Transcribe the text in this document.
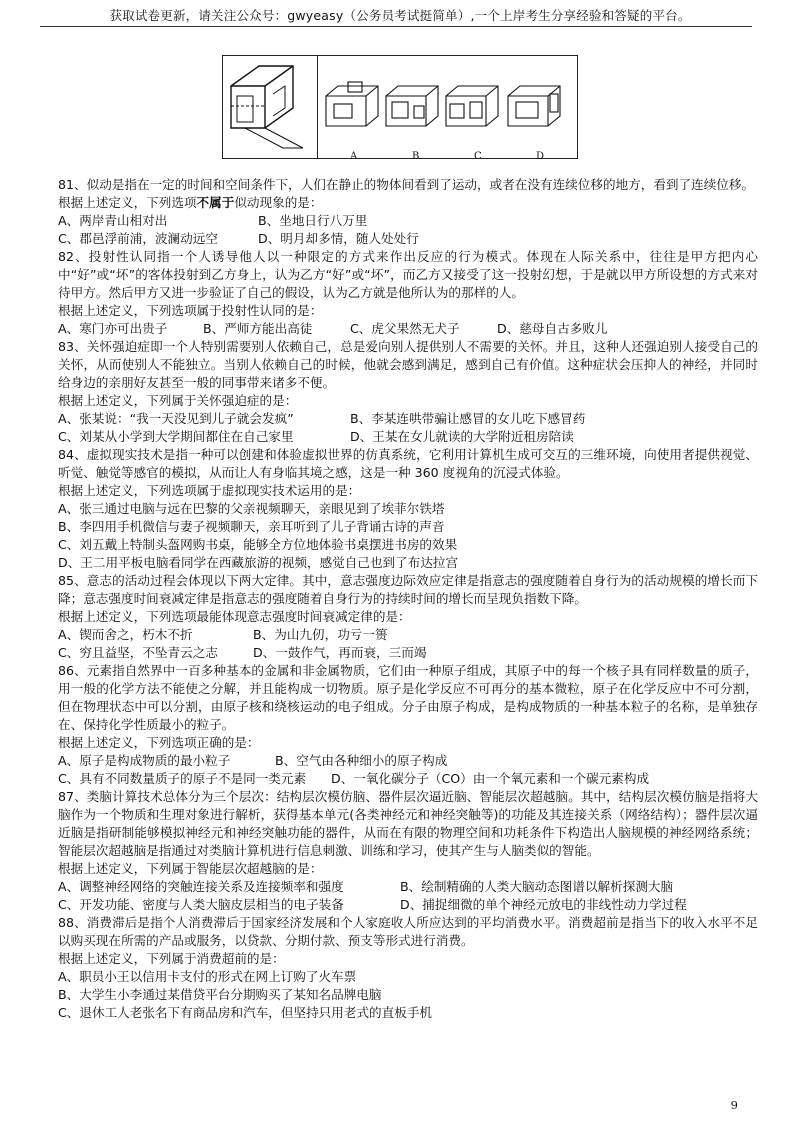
获取试卷更新，请关注公众号：gwyeasy（公务员考试挺简单）,一个上岸考生分享经验和答疑的平台。
A	B	C	D

81、似动是指在一定的时间和空间条件下，人们在静止的物体间看到了运动，或者在没有连续位移的地方，看到了连续位移。

根据上述定义，下列选项不属于似动现象的是：

A、两岸青山相对出	B、坐地日行八万里
C、郡邑浮前浦，波澜动远空	D、明月却多情，随人处处行

82、投射性认同指一个人诱导他人以一种限定的方式来作出反应的行为模式。体现在人际关系中，往往是甲方把内心中“好”或“坏”的客体投射到乙方身上，认为乙方“好”或“坏”，而乙方又接受了这一投射幻想，于是就以甲方所设想的方式来对待甲方。然后甲方又进一步验证了自己的假设，认为乙方就是他所认为的那样的人。

根据上述定义，下列选项属于投射性认同的是：

A、寒门亦可出贵子	B、严师方能出高徒	C、虎父果然无犬子	D、慈母自古多败儿

83、关怀强迫症即一个人特别需要别人依赖自己，总是爱向别人提供别人不需要的关怀。并且，这种人还强迫别人接受自己的关怀，从而使别人不能独立。当别人依赖自己的时候，他就会感到满足，感到自己有价值。这种症状会压抑人的神经，并同时给身边的亲朋好友甚至一般的同事带来诸多不便。

根据上述定义，下列属于关怀强迫症的是：

A、张某说：“我一天没见到儿子就会发疯”	B、李某连哄带骗让感冒的女儿吃下感冒药
C、刘某从小学到大学期间都住在自己家里	D、王某在女儿就读的大学附近租房陪读

84、虚拟现实技术是指一种可以创建和体验虚拟世界的仿真系统，它利用计算机生成可交互的三维环境，向使用者提供视觉、听觉、触觉等感官的模拟，从而让人有身临其境之感，这是一种 360 度视角的沉浸式体验。

根据上述定义，下列选项属于虚拟现实技术运用的是：

A、张三通过电脑与远在巴黎的父亲视频聊天，亲眼见到了埃菲尔铁塔

B、李四用手机微信与妻子视频聊天，亲耳听到了儿子背诵古诗的声音

C、刘五戴上特制头盔网购书桌，能够全方位地体验书桌摆进书房的效果

D、王二用平板电脑看同学在西藏旅游的视频，感觉自己也到了布达拉宫

85、意志的活动过程会体现以下两大定律。其中，意志强度边际效应定律是指意志的强度随着自身行为的活动规模的增长而下降；意志强度时间衰减定律是指意志的强度随着自身行为的持续时间的增长而呈现负指数下降。

根据上述定义，下列选项最能体现意志强度时间衰减定律的是：

A、锲而舍之，朽木不折	B、为山九仞，功亏一篑
C、穷且益坚，不坠青云之志	D、一鼓作气，再而衰，三而竭

86、元素指自然界中一百多种基本的金属和非金属物质，它们由一种原子组成，其原子中的每一个核子具有同样数量的质子，用一般的化学方法不能使之分解，并且能构成一切物质。原子是化学反应不可再分的基本微粒，原子在化学反应中不可分割，但在物理状态中可以分割，由原子核和绕核运动的电子组成。分子由原子构成，是构成物质的一种基本粒子的名称，是单独存在、保持化学性质最小的粒子。

根据上述定义，下列选项正确的是：

A、原子是构成物质的最小粒子	B、空气由各种细小的原子构成
C、具有不同数量质子的原子不是同一类元素	D、一氧化碳分子（CO）由一个氧元素和一个碳元素构成

87、类脑计算技术总体分为三个层次：结构层次模仿脑、器件层次逼近脑、智能层次超越脑。其中，结构层次模仿脑是指将大脑作为一个物质和生理对象进行解析，获得基本单元(各类神经元和神经突触等)的功能及其连接关系（网络结构）；器件层次逼近脑是指研制能够模拟神经元和神经突触功能的器件，从而在有限的物理空间和功耗条件下构造出人脑规模的神经网络系统；智能层次超越脑是指通过对类脑计算机进行信息刺激、训练和学习，使其产生与人脑类似的智能。

根据上述定义，下列属于智能层次超越脑的是：

A、调整神经网络的突触连接关系及连接频率和强度	B、绘制精确的人类大脑动态图谱以解析探测大脑
C、开发功能、密度与人类大脑皮层相当的电子装备	D、捕捉细微的单个神经元放电的非线性动力学过程

88、消费滞后是指个人消费滞后于国家经济发展和个人家庭收人所应达到的平均消费水平。消费超前是指当下的收入水平不足以购买现在所需的产品或服务，以贷款、分期付款、预支等形式进行消费。

根据上述定义，下列属于消费超前的是：

A、职员小王以信用卡支付的形式在网上订购了火车票

B、大学生小李通过某借贷平台分期购买了某知名品牌电脑

C、退休工人老张名下有商品房和汽车，但坚持只用老式的直板手机

9
